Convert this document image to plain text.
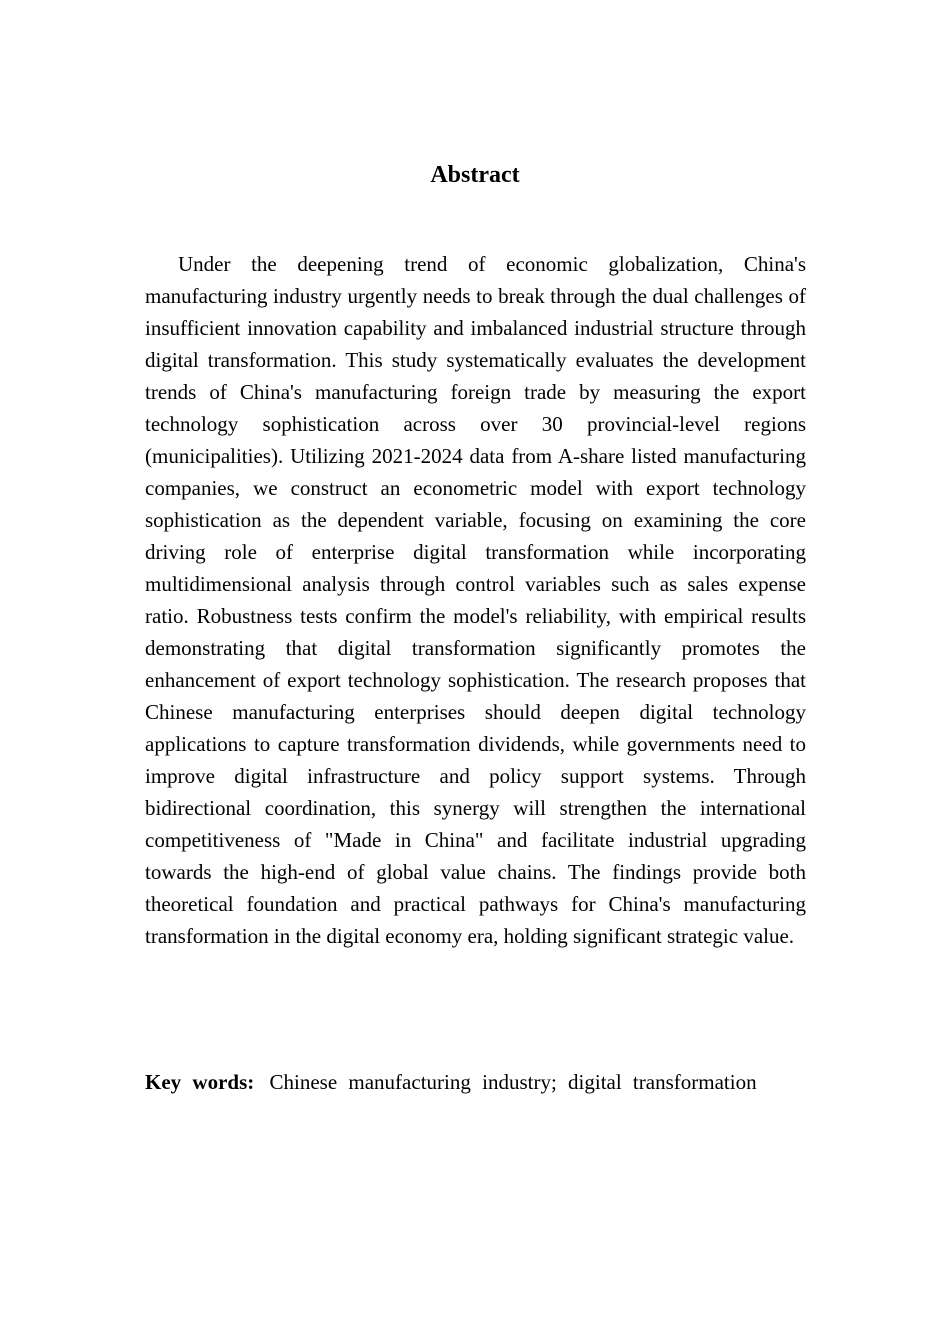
Abstract

Under the deepening trend of economic globalization, China's manufacturing industry urgently needs to break through the dual challenges of insufficient innovation capability and imbalanced industrial structure through digital transformation. This study systematically evaluates the development trends of China's manufacturing foreign trade by measuring the export technology sophistication across over 30 provincial-level regions (municipalities). Utilizing 2021-2024 data from A-share listed manufacturing companies, we construct an econometric model with export technology sophistication as the dependent variable, focusing on examining the core driving role of enterprise digital transformation while incorporating multidimensional analysis through control variables such as sales expense ratio. Robustness tests confirm the model's reliability, with empirical results demonstrating that digital transformation significantly promotes the enhancement of export technology sophistication. The research proposes that Chinese manufacturing enterprises should deepen digital technology applications to capture transformation dividends, while governments need to improve digital infrastructure and policy support systems. Through bidirectional coordination, this synergy will strengthen the international competitiveness of "Made in China" and facilitate industrial upgrading towards the high-end of global value chains. The findings provide both theoretical foundation and practical pathways for China's manufacturing transformation in the digital economy era, holding significant strategic value.

Key words: Chinese manufacturing industry; digital transformation
